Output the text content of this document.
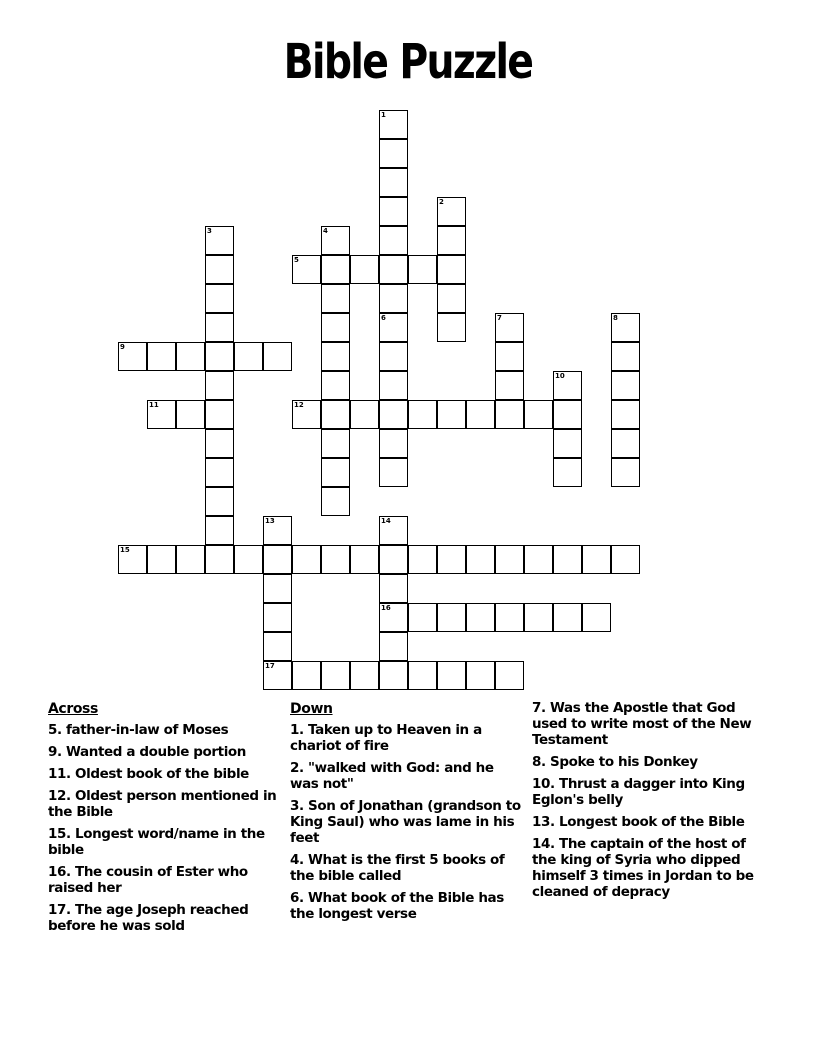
Bible Puzzle
1
6
2
3	4
5
7	8
9
10
11	12
13
17
14
16
15
Across
5. father-in-law of Moses
9. Wanted a double portion
11. Oldest book of the bible
12. Oldest person mentioned in the Bible
15. Longest word/name in the bible
16. The cousin of Ester who raised her
17. The age Joseph reached before he was sold
Down
1. Taken up to Heaven in a chariot of fire
2. "walked with God: and he was not"
3. Son of Jonathan (grandson to King Saul) who was lame in his feet
4. What is the first 5 books of the bible called
6. What book of the Bible has the longest verse
7. Was the Apostle that God used to write most of the New Testament
8. Spoke to his Donkey
10. Thrust a dagger into King Eglon's belly
13. Longest book of the Bible
14. The captain of the host of the king of Syria who dipped himself 3 times in Jordan to be cleaned of depracy
